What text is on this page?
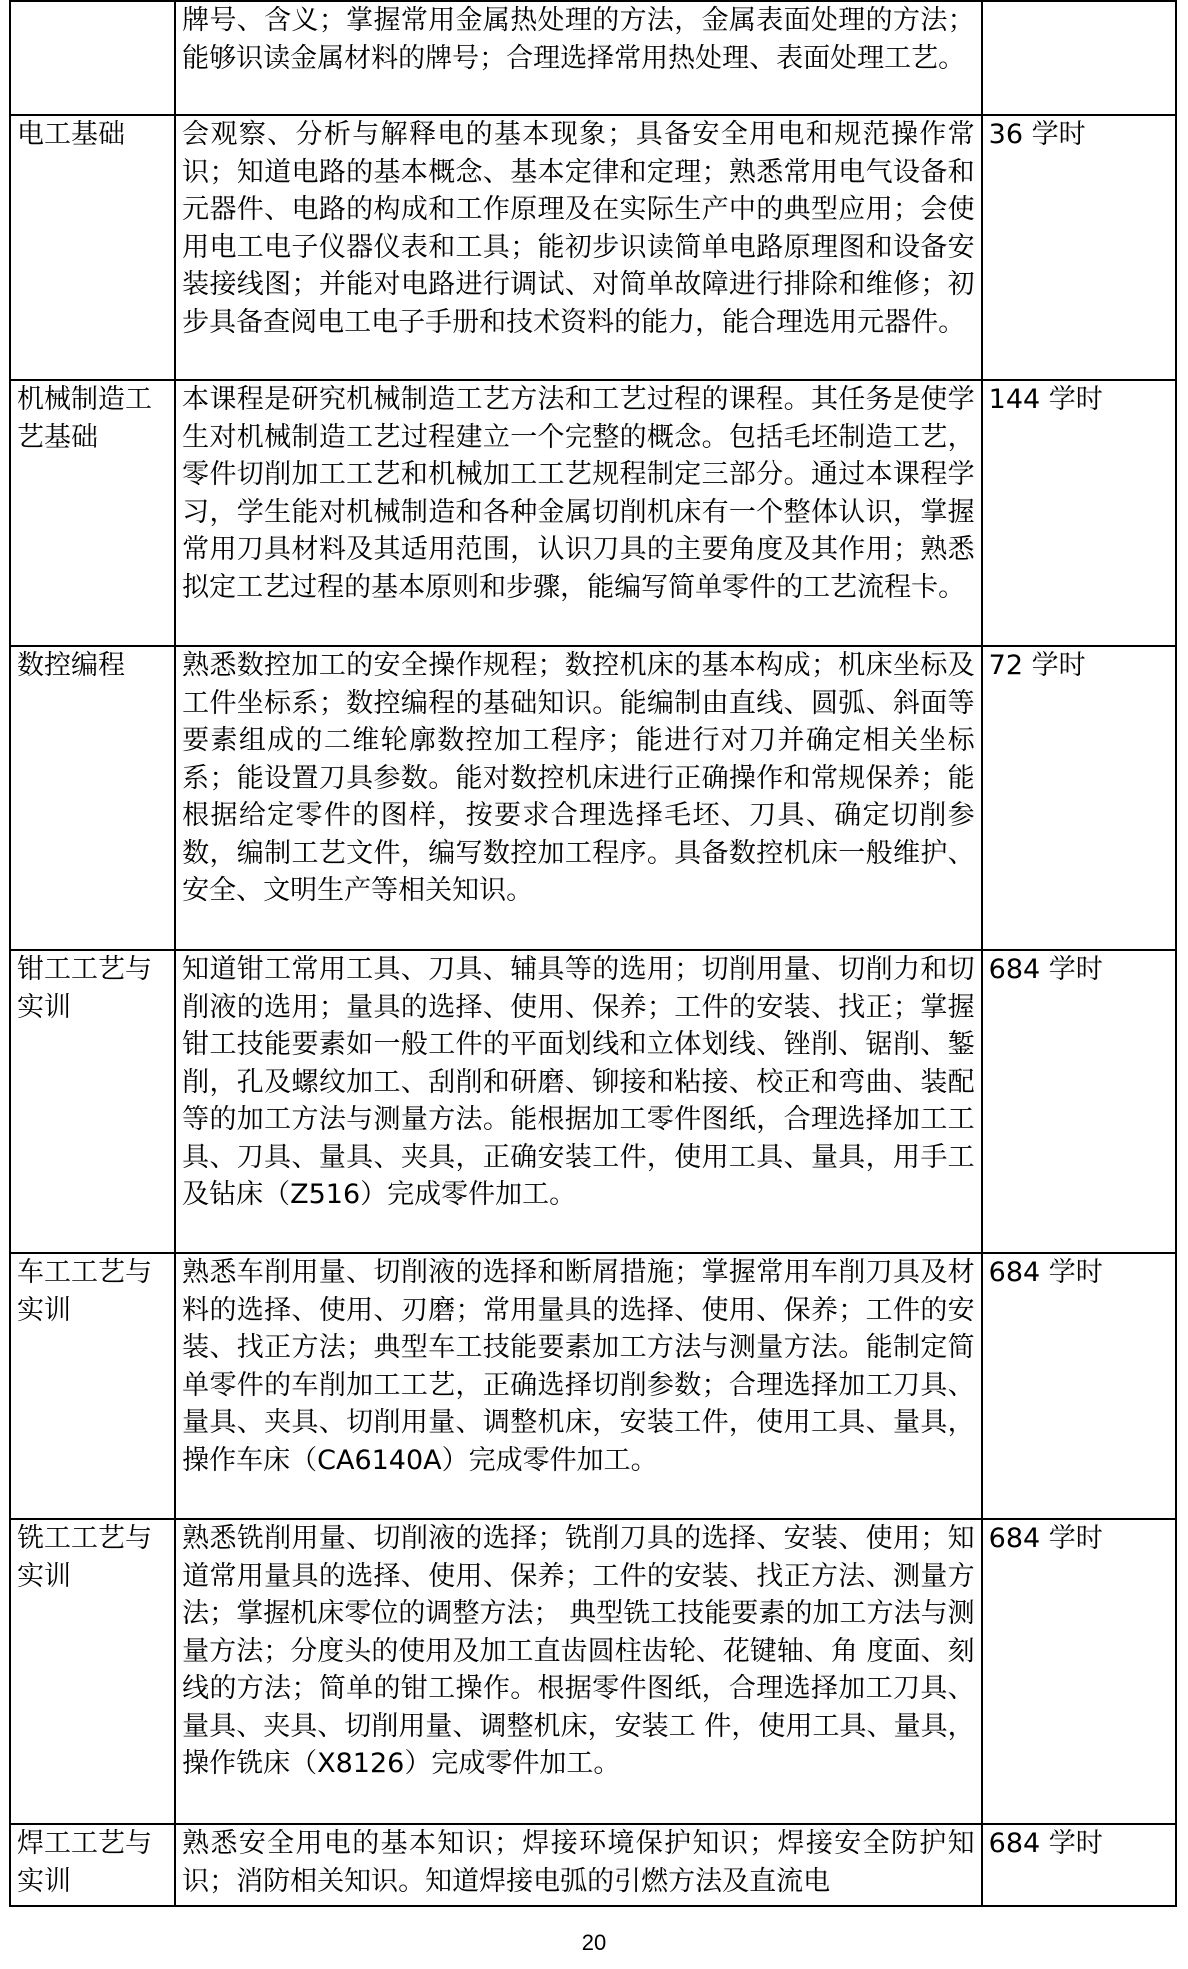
	牌号、含义；掌握常用金属热处理的方法，金属表面处理的方法；能够识读金属材料的牌号；合理选择常用热处理、表面处理工艺。	
电工基础	会观察、分析与解释电的基本现象；具备安全用电和规范操作常识；知道电路的基本概念、基本定律和定理；熟悉常用电气设备和元器件、电路的构成和工作原理及在实际生产中的典型应用；会使用电工电子仪器仪表和工具；能初步识读简单电路原理图和设备安装接线图；并能对电路进行调试、对简单故障进行排除和维修；初步具备查阅电工电子手册和技术资料的能力，能合理选用元器件。	36 学时
机械制造工艺基础	本课程是研究机械制造工艺方法和工艺过程的课程。其任务是使学生对机械制造工艺过程建立一个完整的概念。包括毛坯制造工艺，零件切削加工工艺和机械加工工艺规程制定三部分。通过本课程学习，学生能对机械制造和各种金属切削机床有一个整体认识，掌握常用刀具材料及其适用范围，认识刀具的主要角度及其作用；熟悉拟定工艺过程的基本原则和步骤，能编写简单零件的工艺流程卡。	144 学时
数控编程	熟悉数控加工的安全操作规程；数控机床的基本构成；机床坐标及工件坐标系；数控编程的基础知识。能编制由直线、圆弧、斜面等要素组成的二维轮廓数控加工程序；能进行对刀并确定相关坐标系；能设置刀具参数。能对数控机床进行正确操作和常规保养；能根据给定零件的图样，按要求合理选择毛坯、刀具、确定切削参数，编制工艺文件，编写数控加工程序。具备数控机床一般维护、安全、文明生产等相关知识。	72 学时
钳工工艺与实训	知道钳工常用工具、刀具、辅具等的选用；切削用量、切削力和切削液的选用；量具的选择、使用、保养；工件的安装、找正；掌握钳工技能要素如一般工件的平面划线和立体划线、锉削、锯削、錾削，孔及螺纹加工、刮削和研磨、铆接和粘接、校正和弯曲、装配等的加工方法与测量方法。能根据加工零件图纸，合理选择加工工具、刀具、量具、夹具，正确安装工件，使用工具、量具，用手工及钻床（Z516）完成零件加工。	684 学时
车工工艺与实训	熟悉车削用量、切削液的选择和断屑措施；掌握常用车削刀具及材料的选择、使用、刃磨；常用量具的选择、使用、保养；工件的安装、找正方法；典型车工技能要素加工方法与测量方法。能制定简单零件的车削加工工艺，正确选择切削参数；合理选择加工刀具、量具、夹具、切削用量、调整机床，安装工件，使用工具、量具，操作车床（CA6140A）完成零件加工。	684 学时
铣工工艺与实训	熟悉铣削用量、切削液的选择；铣削刀具的选择、安装、使用；知道常用量具的选择、使用、保养；工件的安装、找正方法、测量方法；掌握机床零位的调整方法； 典型铣工技能要素的加工方法与测量方法；分度头的使用及加工直齿圆柱齿轮、花键轴、角 度面、刻线的方法；简单的钳工操作。根据零件图纸，合理选择加工刀具、量具、夹具、切削用量、调整机床，安装工 件，使用工具、量具，操作铣床（X8126）完成零件加工。	684 学时
焊工工艺与实训	熟悉安全用电的基本知识；焊接环境保护知识；焊接安全防护知识；消防相关知识。知道焊接电弧的引燃方法及直流电	684 学时
20
